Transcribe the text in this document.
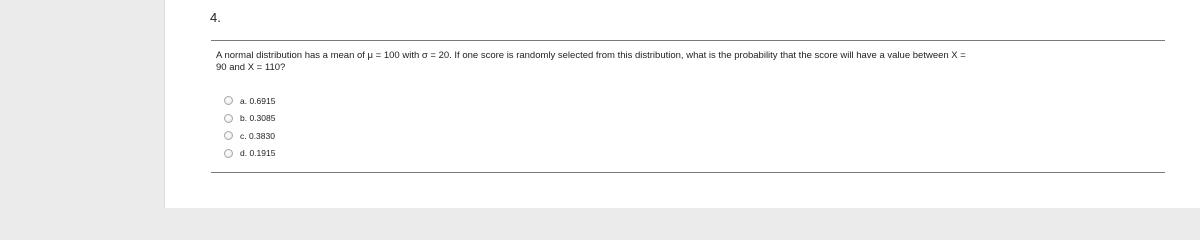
4.
A normal distribution has a mean of μ = 100 with σ = 20. If one score is randomly selected from this distribution, what is the probability that the score will have a value between X = 90 and X = 110?
a. 0.6915
b. 0.3085
c. 0.3830
d. 0.1915
